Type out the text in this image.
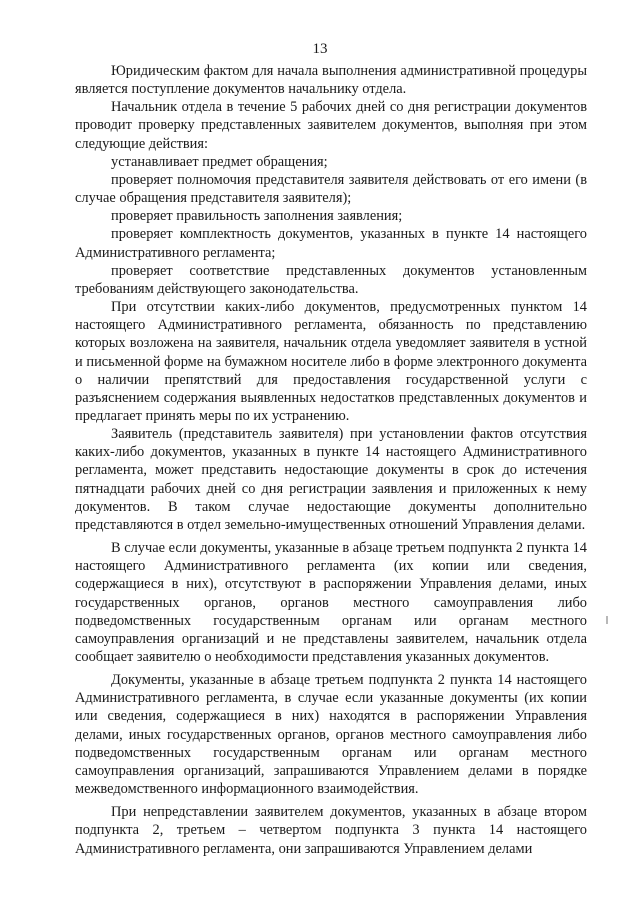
13

Юридическим фактом для начала выполнения административной процедуры является поступление документов начальнику отдела.

Начальник отдела в течение 5 рабочих дней со дня регистрации документов проводит проверку представленных заявителем документов, выполняя при этом следующие действия:

устанавливает предмет обращения;

проверяет полномочия представителя заявителя действовать от его имени (в случае обращения представителя заявителя);

проверяет правильность заполнения заявления;

проверяет комплектность документов, указанных в пункте 14 настоящего Административного регламента;

проверяет соответствие представленных документов установленным требованиям действующего законодательства.

При отсутствии каких-либо документов, предусмотренных пунктом 14 настоящего Административного регламента, обязанность по представлению которых возложена на заявителя, начальник отдела уведомляет заявителя в устной и письменной форме на бумажном носителе либо в форме электронного документа о наличии препятствий для предоставления государственной услуги с разъяснением содержания выявленных недостатков представленных документов и предлагает принять меры по их устранению.

Заявитель (представитель заявителя) при установлении фактов отсутствия каких-либо документов, указанных в пункте 14 настоящего Административного регламента, может представить недостающие документы в срок до истечения пятнадцати рабочих дней со дня регистрации заявления и приложенных к нему документов. В таком случае недостающие документы дополнительно представляются в отдел земельно-имущественных отношений Управления делами.

В случае если документы, указанные в абзаце третьем подпункта 2 пункта 14 настоящего Административного регламента (их копии или сведения, содержащиеся в них), отсутствуют в распоряжении Управления делами, иных государственных органов, органов местного самоуправления либо подведомственных государственным органам или органам местного самоуправления организаций и не представлены заявителем, начальник отдела сообщает заявителю о необходимости представления указанных документов.

Документы, указанные в абзаце третьем подпункта 2 пункта 14 настоящего Административного регламента, в случае если указанные документы (их копии или сведения, содержащиеся в них) находятся в распоряжении Управления делами, иных государственных органов, органов местного самоуправления либо подведомственных государственным органам или органам местного самоуправления организаций, запрашиваются Управлением делами в порядке межведомственного информационного взаимодействия.

При непредставлении заявителем документов, указанных в абзаце втором подпункта 2, третьем – четвертом подпункта 3 пункта 14 настоящего Административного регламента, они запрашиваются Управлением делами
